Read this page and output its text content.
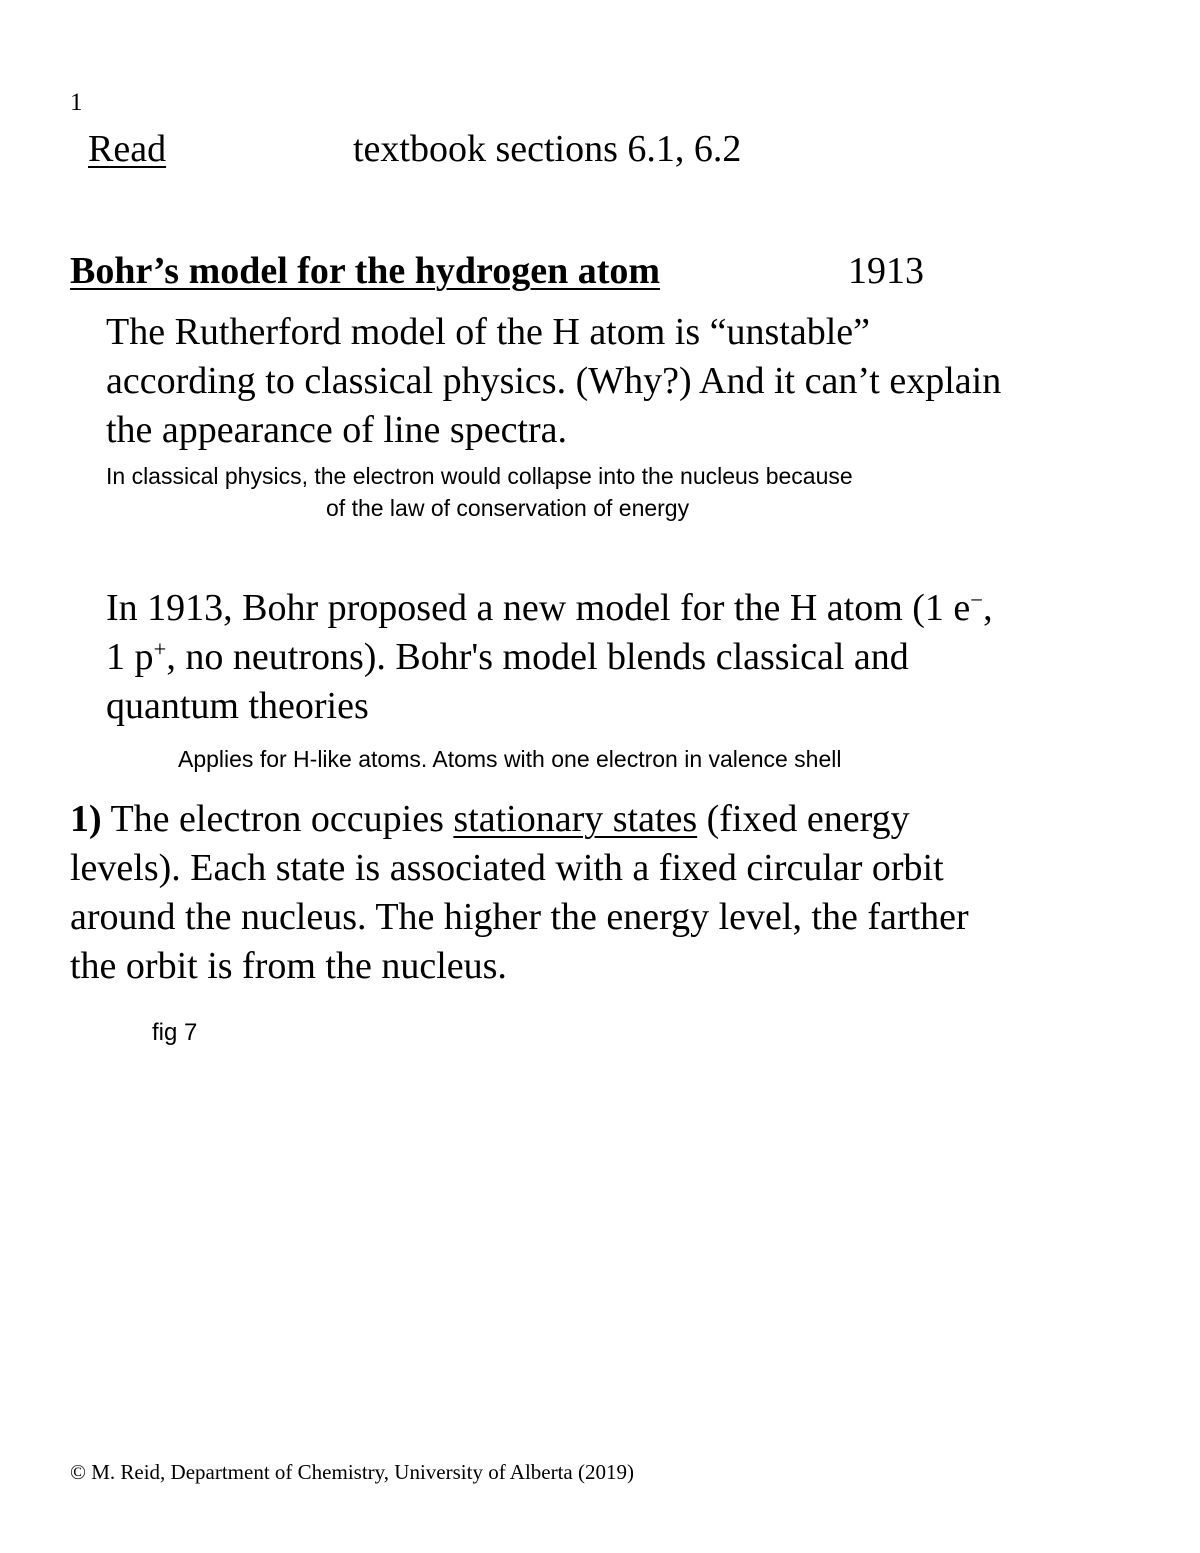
1
Read	textbook sections 6.1, 6.2
Bohr’s model for the hydrogen atom	1913
The Rutherford model of the H atom is “unstable”
according to classical physics. (Why?) And it can’t explain
the appearance of line spectra.
In classical physics, the electron would collapse into the nucleus because
of the law of conservation of energy
In 1913, Bohr proposed a new model for the H atom (1 e−,
1 p+, no neutrons). Bohr's model blends classical and
quantum theories
Applies for H-like atoms. Atoms with one electron in valence shell
1) The electron occupies stationary states (fixed energy
levels). Each state is associated with a fixed circular orbit
around the nucleus. The higher the energy level, the farther
the orbit is from the nucleus.
fig 7
© M. Reid, Department of Chemistry, University of Alberta (2019)
